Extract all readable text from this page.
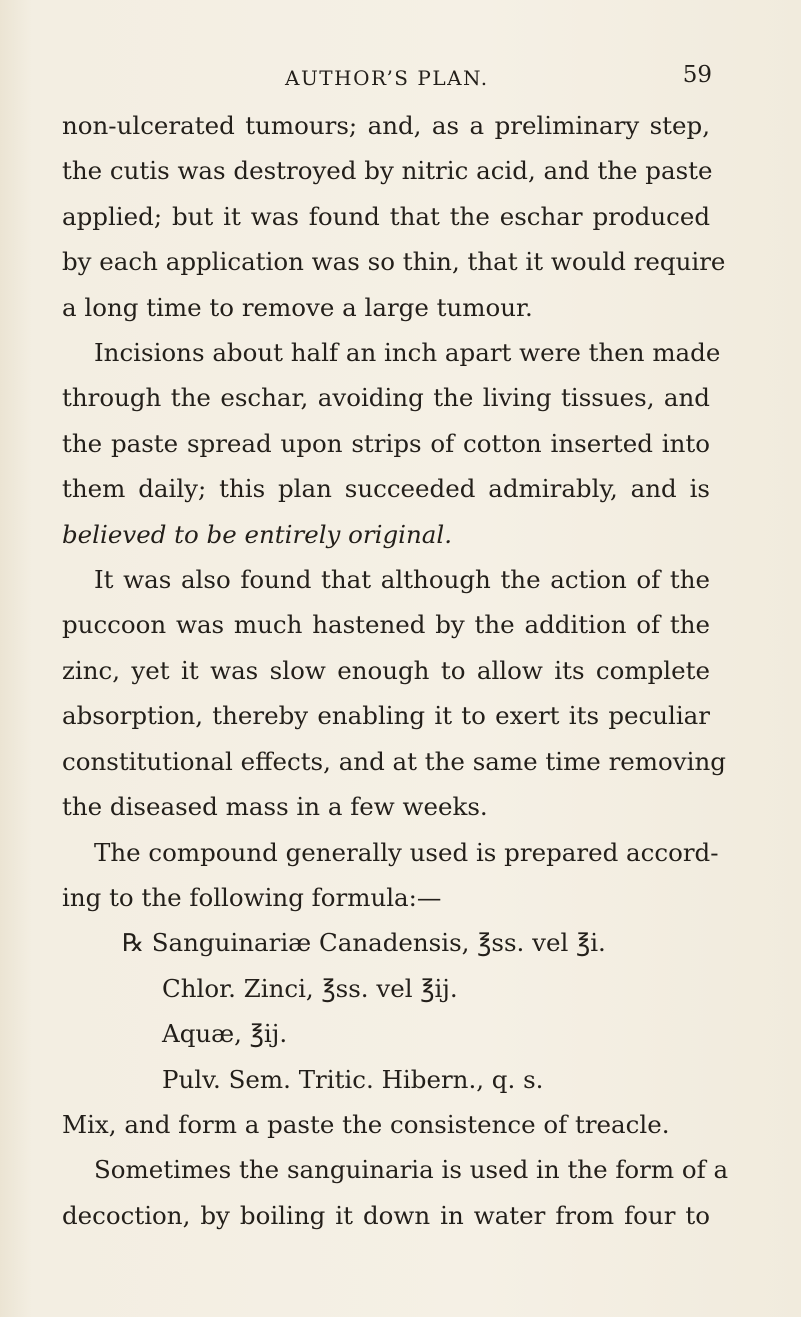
AUTHOR’S PLAN.	59
non-ulcerated tumours; and, as a preliminary step,
the cutis was destroyed by nitric acid, and the paste
applied; but it was found that the eschar produced
by each application was so thin, that it would require
a long time to remove a large tumour.
Incisions about half an inch apart were then made
through the eschar, avoiding the living tissues, and
the paste spread upon strips of cotton inserted into
them daily; this plan succeeded admirably, and is
believed to be entirely original.
It was also found that although the action of the
puccoon was much hastened by the addition of the
zinc, yet it was slow enough to allow its complete
absorption, thereby enabling it to exert its peculiar
constitutional effects, and at the same time removing
the diseased mass in a few weeks.
The compound generally used is prepared accord-
ing to the following formula:—
℞ Sanguinariæ Canadensis, ℥ss. vel ℥i.
Chlor. Zinci, ℥ss. vel ℥ij.
Aquæ, ℥ij.
Pulv. Sem. Tritic. Hibern., q. s.
Mix, and form a paste the consistence of treacle.
Sometimes the sanguinaria is used in the form of a
decoction, by boiling it down in water from four to
